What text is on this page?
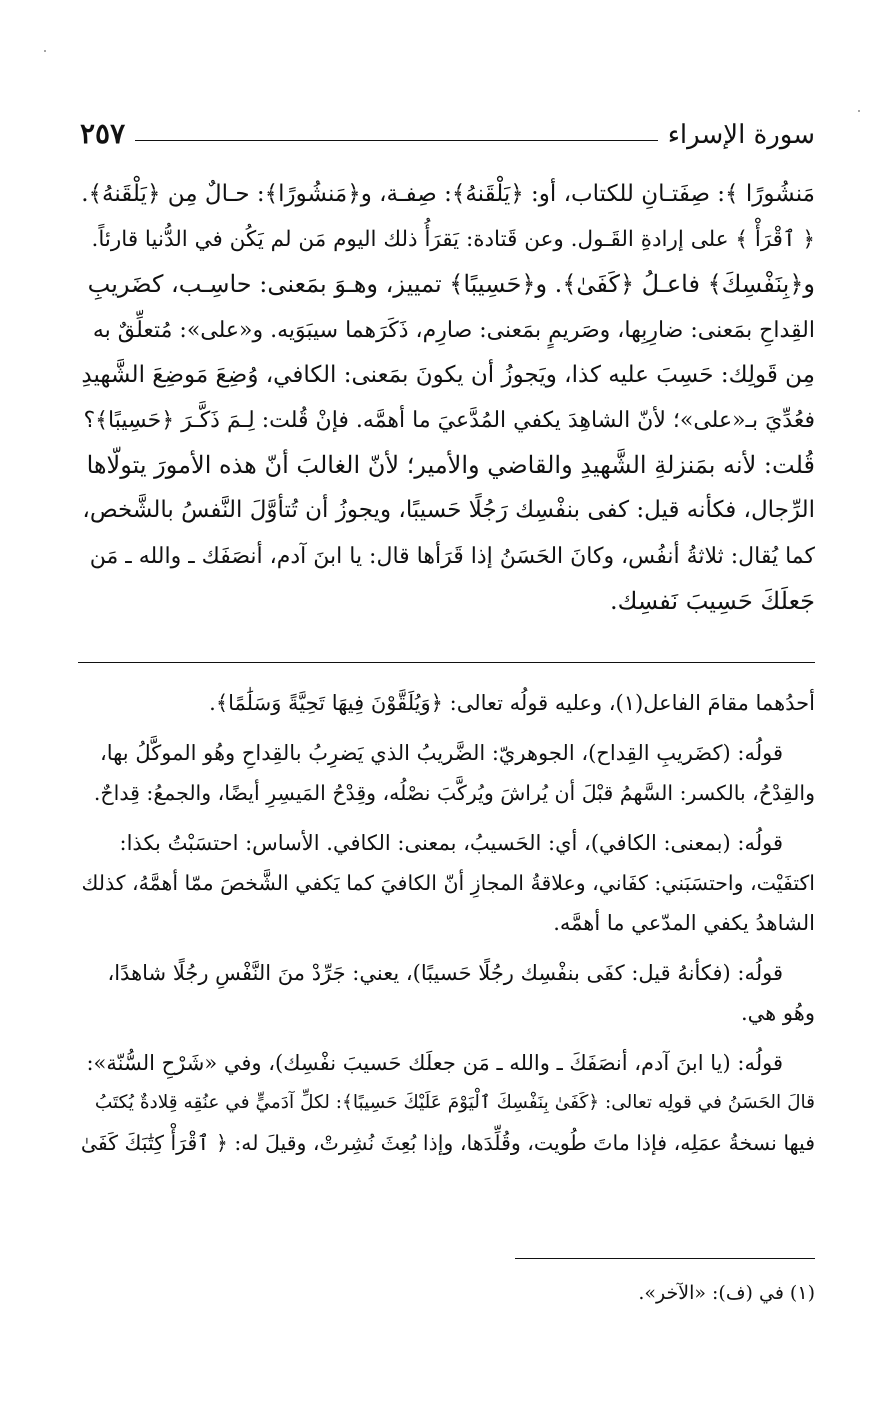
سورة الإسراء
٢٥٧
مَنشُورًا ﴾: صِفَتـانِ للكتاب، أو: ﴿يَلْقَنهُ﴾: صِفـة، و﴿مَنشُورًا﴾: حـالٌ مِن ﴿يَلْقَنهُ﴾.
﴿ ٱقْرَأْ ﴾ على إرادةِ القَـول. وعن قَتادة: يَقرَأُ ذلك اليوم مَن لم يَكُن في الدُّنيا قارئاً.
و﴿بِنَفْسِكَ﴾ فاعـلُ ﴿كَفَىٰ﴾. و﴿حَسِيبًا﴾ تمييز، وهـوَ بمَعنى: حاسِـب، كضَريبِ
القِداحِ بمَعنى: ضارِبِها، وصَريمٍ بمَعنى: صارِم، ذَكَرَهما سيبَوَيه. و«على»: مُتعلِّقٌ به
مِن قَولِك: حَسِبَ عليه كذا، ويَجوزُ أن يكونَ بمَعنى: الكافي، وُضِعَ مَوضِعَ الشَّهيدِ
فعُدِّيَ بـ«على»؛ لأنّ الشاهِدَ يكفي المُدَّعيَ ما أهمَّه. فإنْ قُلت: لِـمَ ذَكَّـرَ ﴿حَسِيبًا﴾؟
قُلت: لأنه بمَنزلةِ الشَّهيدِ والقاضي والأمير؛ لأنّ الغالبَ أنّ هذه الأمورَ يتولّاها
الرِّجال، فكأنه قيل: كفى بنفْسِك رَجُلًا حَسيبًا، ويجوزُ أن تُتأوَّلَ النَّفسُ بالشَّخص،
كما يُقال: ثلاثةُ أنفُس، وكانَ الحَسَنُ إذا قَرَأها قال: يا ابنَ آدم، أنصَفَك ـ والله ـ مَن
جَعلَكَ حَسِيبَ نَفسِك.
أحدُهما مقامَ الفاعل(١)، وعليه قولُه تعالى: ﴿وَيُلَقَّوْنَ فِيهَا تَحِيَّةً وَسَلَٰمًا﴾.
قولُه: (كضَريبِ القِداح)، الجوهريّ: الضَّريبُ الذي يَضرِبُ بالقِداحِ وهُو الموكَّلُ بها،
والقِدْحُ، بالكسر: السَّهمُ قبْلَ أن يُراشَ ويُركَّبَ نصْلُه، وقِدْحُ المَيسِرِ أيضًا، والجمعُ: قِداحٌ.
قولُه: (بمعنى: الكافي)، أي: الحَسيبُ، بمعنى: الكافي. الأساس: احتسَبْتُ بكذا:
اكتفَيْت، واحتسَبَني: كفَاني، وعلاقةُ المجازِ أنّ الكافيَ كما يَكفي الشَّخصَ ممّا أهمَّهُ، كذلك
الشاهدُ يكفي المدّعي ما أهمَّه.
قولُه: (فكأنهُ قيل: كفَى بنفْسِك رجُلًا حَسيبًا)، يعني: جَرِّدْ منَ النَّفْسِ رجُلًا شاهدًا،
وهُو هي.
قولُه: (يا ابنَ آدم، أنصَفَكَ ـ والله ـ مَن جعلَك حَسيبَ نفْسِك)، وفي «شَرْحِ السُّنّة»:
قالَ الحَسَنُ في قولِه تعالى: ﴿كَفَىٰ بِنَفْسِكَ ٱلْيَوْمَ عَلَيْكَ حَسِيبًا﴾: لكلِّ آدَميٍّ في عنُقِه قِلادةٌ يُكتَبُ
فيها نسخةُ عمَلِه، فإذا ماتَ طُويت، وقُلِّدَها، وإذا بُعِثَ نُشِرتْ، وقيلَ له: ﴿ ٱقْرَأْ كِتَٰبَكَ كَفَىٰ
(١) في (ف): «الآخر».
